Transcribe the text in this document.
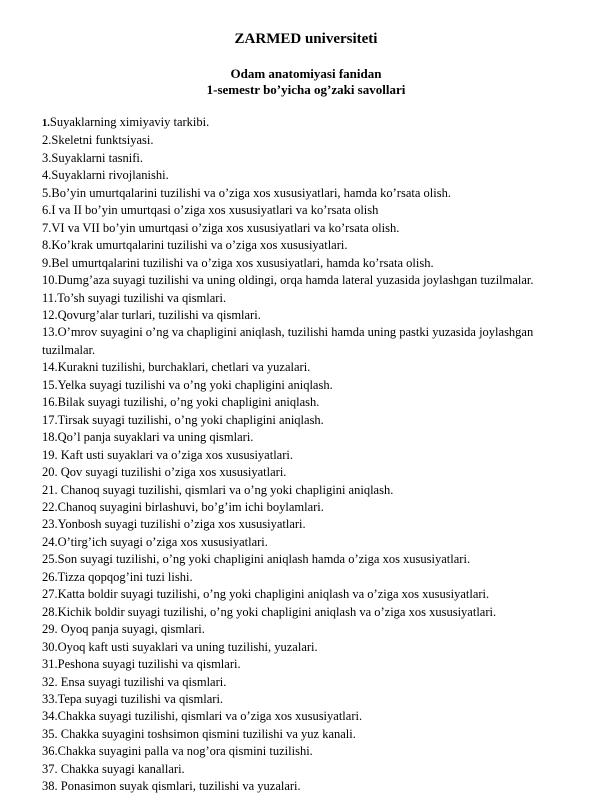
ZARMED universiteti
Odam anatomiyasi fanidan
1-semestr bo’yicha og’zaki savollari
1.Suyaklarning ximiyaviy tarkibi.
2.Skeletni funktsiyasi.
3.Suyaklarni tasnifi.
4.Suyaklarni rivojlanishi.
5.Bo’yin umurtqalarini tuzilishi va o’ziga xos xususiyatlari, hamda ko’rsata olish.
6.I va II bo’yin umurtqasi o’ziga xos xususiyatlari va ko’rsata olish
7.VI va VII bo’yin umurtqasi o’ziga xos xususiyatlari va ko’rsata olish.
8.Ko’krak umurtqalarini tuzilishi va o’ziga xos xususiyatlari.
9.Bel umurtqalarini tuzilishi va o’ziga xos xususiyatlari, hamda ko’rsata olish.
10.Dumg’aza suyagi tuzilishi va uning oldingi, orqa hamda lateral yuzasida joylashgan tuzilmalar.
11.To’sh suyagi tuzilishi va qismlari.
12.Qovurg’alar turlari, tuzilishi va qismlari.
13.O’mrov suyagini o’ng va chapligini aniqlash, tuzilishi hamda uning pastki yuzasida joylashgan tuzilmalar.
14.Kurakni tuzilishi, burchaklari, chetlari va yuzalari.
15.Yelka suyagi tuzilishi va o’ng yoki chapligini aniqlash.
16.Bilak suyagi tuzilishi, o’ng yoki chapligini aniqlash.
17.Tirsak suyagi tuzilishi, o’ng yoki chapligini aniqlash.
18.Qo’l panja suyaklari va uning qismlari.
19. Kaft usti suyaklari va o’ziga xos xususiyatlari.
20. Qov suyagi tuzilishi o’ziga xos xususiyatlari.
21. Chanoq suyagi tuzilishi, qismlari va o’ng yoki chapligini aniqlash.
22.Chanoq suyagini birlashuvi, bo’g’im ichi boylamlari.
23.Yonbosh suyagi tuzilishi o’ziga xos xususiyatlari.
24.O’tirg’ich suyagi o’ziga xos xususiyatlari.
25.Son suyagi tuzilishi, o’ng yoki chapligini aniqlash hamda o’ziga xos xususiyatlari.
26.Tizza qopqog’ini tuzi lishi.
27.Katta boldir suyagi tuzilishi, o’ng yoki chapligini aniqlash va o’ziga xos xususiyatlari.
28.Kichik boldir suyagi tuzilishi, o’ng yoki chapligini aniqlash va o’ziga xos xususiyatlari.
29. Oyoq panja suyagi, qismlari.
30.Oyoq kaft usti suyaklari va uning tuzilishi, yuzalari.
31.Peshona suyagi tuzilishi va qismlari.
32. Ensa suyagi tuzilishi va qismlari.
33.Tepa suyagi tuzilishi va qismlari.
34.Chakka suyagi tuzilishi, qismlari va o’ziga xos xususiyatlari.
35. Chakka suyagini toshsimon qismini tuzilishi va yuz kanali.
36.Chakka suyagini palla va nog’ora qismini tuzilishi.
37. Chakka suyagi kanallari.
38. Ponasimon suyak qismlari, tuzilishi va yuzalari.
